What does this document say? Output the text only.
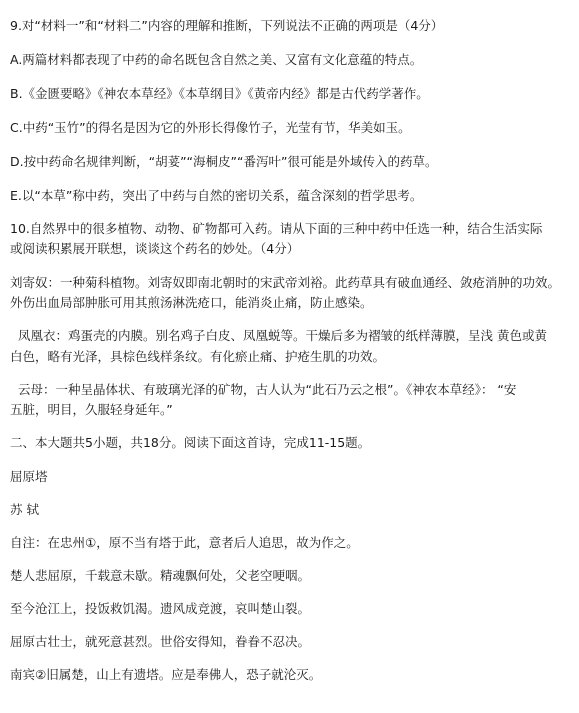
9.对“材料一”和“材料二”内容的理解和推断，下列说法不正确的两项是（4分）
A.两篇材料都表现了中药的命名既包含自然之美、又富有文化意蕴的特点。
B.《金匮要略》《神农本草经》《本草纲目》《黄帝内经》都是古代药学著作。
C.中药“玉竹”的得名是因为它的外形长得像竹子，光莹有节，华美如玉。
D.按中药命名规律判断，“胡荽”“海桐皮”“番泻叶”很可能是外域传入的药草。
E.以“本草”称中药，突出了中药与自然的密切关系，蕴含深刻的哲学思考。
10.自然界中的很多植物、动物、矿物都可入药。请从下面的三种中药中任选一种，结合生活实际
或阅读积累展开联想，谈谈这个药名的妙处。（4分）
刘寄奴：一种菊科植物。刘寄奴即南北朝时的宋武帝刘裕。此药草具有破血通经、敛疮消肿的功效。
外伤出血局部肿胀可用其煎汤淋洗疮口，能消炎止痛，防止感染。
凤凰衣：鸡蛋壳的内膜。别名鸡子白皮、凤凰蜕等。干燥后多为褶皱的纸样薄膜，呈浅 黄色或黄
白色，略有光泽，具棕色线样条纹。有化瘀止痛、护疮生肌的功效。
云母：一种呈晶体状、有玻璃光泽的矿物，古人认为“此石乃云之根”。《神农本草经》： “安
五脏，明目，久服轻身延年。”
二、本大题共5小题，共18分。阅读下面这首诗，完成11-15题。
屈原塔
苏 轼
自注：在忠州①，原不当有塔于此，意者后人追思，故为作之。
楚人悲屈原，千载意未歇。精魂飘何处，父老空哽咽。
至今沧江上，投饭救饥渴。遗风成竞渡，哀叫楚山裂。
屈原古壮士，就死意甚烈。世俗安得知，眷眷不忍决。
南宾②旧属楚，山上有遗塔。应是奉佛人，恐子就沦灭。
